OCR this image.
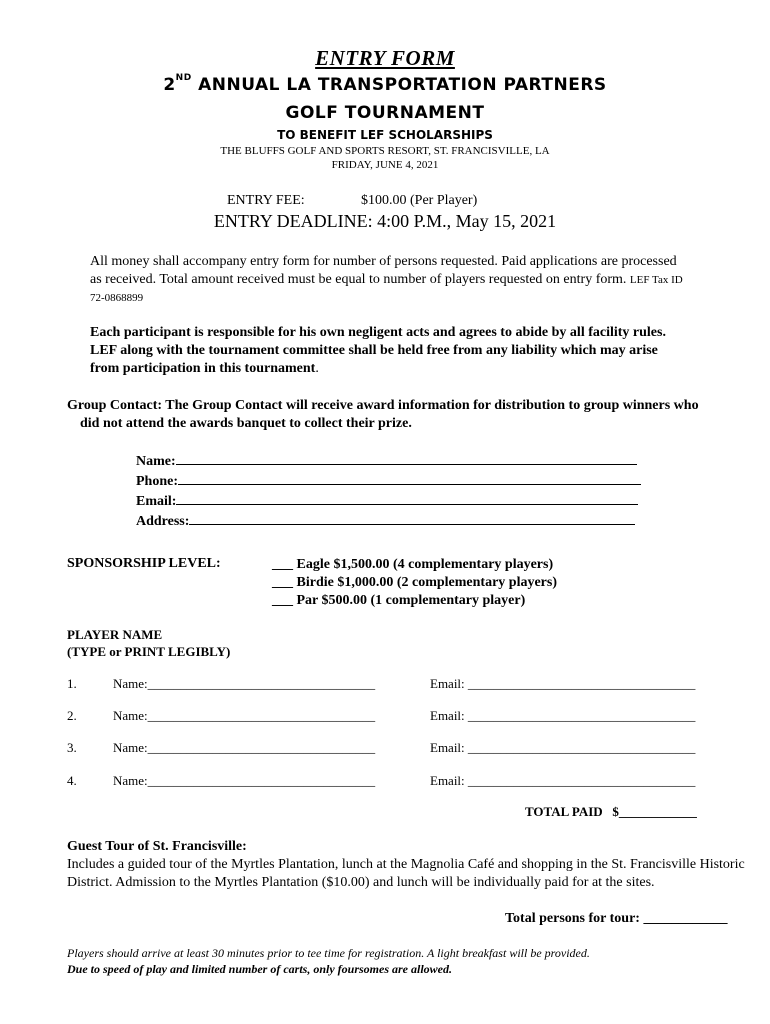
ENTRY FORM
2ND ANNUAL LA TRANSPORTATION PARTNERS
GOLF TOURNAMENT
TO BENEFIT LEF SCHOLARSHIPS
THE BLUFFS GOLF AND SPORTS RESORT, ST. FRANCISVILLE, LA
FRIDAY, JUNE 4, 2021
ENTRY FEE:	$100.00 (Per Player)
ENTRY DEADLINE: 4:00 P.M., May 15, 2021
All money shall accompany entry form for number of persons requested. Paid applications are processed as received. Total amount received must be equal to number of players requested on entry form. LEF Tax ID 72-0868899
Each participant is responsible for his own negligent acts and agrees to abide by all facility rules. LEF along with the tournament committee shall be held free from any liability which may arise from participation in this tournament.
Group Contact: The Group Contact will receive award information for distribution to group winners who did not attend the awards banquet to collect their prize.
Name:
Phone:
Email:
Address:
SPONSORSHIP LEVEL:	___ Eagle $1,500.00 (4 complementary players)
___ Birdie $1,000.00 (2 complementary players)
___ Par $500.00 (1 complementary player)
PLAYER NAME
(TYPE or PRINT LEGIBLY)
1.	Name:___________________________________	Email: ___________________________________
2.	Name:___________________________________	Email: ___________________________________
3.	Name:___________________________________	Email: ___________________________________
4.	Name:___________________________________	Email: ___________________________________
TOTAL PAID   $____________
Guest Tour of St. Francisville:
Includes a guided tour of the Myrtles Plantation, lunch at the Magnolia Café and shopping in the St. Francisville Historic District. Admission to the Myrtles Plantation ($10.00) and lunch will be individually paid for at the sites.
Total persons for tour: ____________
Players should arrive at least 30 minutes prior to tee time for registration. A light breakfast will be provided.
Due to speed of play and limited number of carts, only foursomes are allowed.
